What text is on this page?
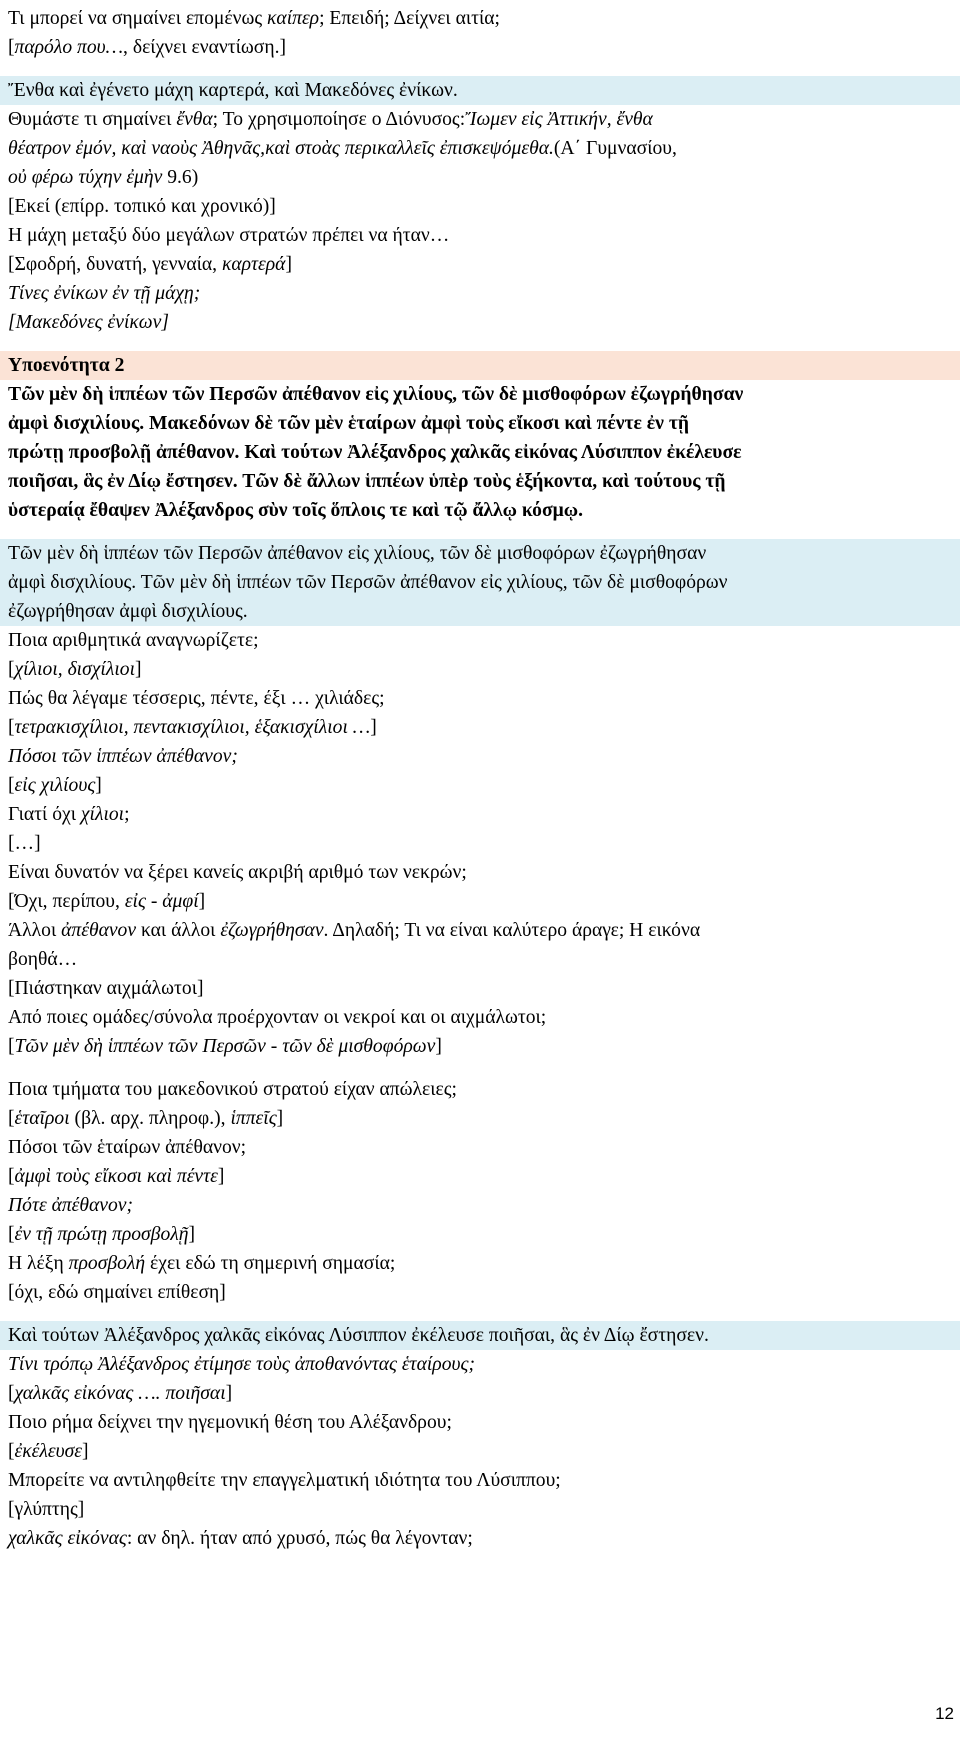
Τι μπορεί να σημαίνει επομένως καίπερ; Επειδή; Δείχνει αιτία;
[παρόλο που…, δείχνει εναντίωση.]
Ἔνθα καὶ ἐγένετο μάχη καρτερά, καὶ Μακεδόνες ἐνίκων.
Θυμάστε τι σημαίνει ἔνθα; Το χρησιμοποίησε ο Διόνυσος:Ἴωμεν εἰς Ἀττικήν, ἔνθα
θέατρον ἐμόν, καὶ ναοὺς Ἀθηνᾶς,καὶ στοὰς περικαλλεῖς ἐπισκεψόμεθα.(Α΄ Γυμνασίου,
οὐ φέρω τύχην ἐμὴν 9.6)
[Εκεί (επίρρ. τοπικό και χρονικό)]
Η μάχη μεταξύ δύο μεγάλων στρατών πρέπει να ήταν…
[Σφοδρή, δυνατή, γενναία, καρτερά]
Τίνες ἐνίκων ἐν τῇ μάχῃ;
[Μακεδόνες ἐνίκων]
Υποενότητα 2
Τῶν μὲν δὴ ἱππέων τῶν Περσῶν ἀπέθανον εἰς χιλίους, τῶν δὲ μισθοφόρων ἐζωγρήθησαν
ἀμφὶ δισχιλίους. Μακεδόνων δὲ τῶν μὲν ἑταίρων ἀμφὶ τοὺς εἴκοσι καὶ πέντε ἐν τῇ
πρώτῃ προσβολῇ ἀπέθανον. Καὶ τούτων Ἀλέξανδρος χαλκᾶς εἰκόνας Λύσιππον ἐκέλευσε
ποιῆσαι, ἃς ἐν Δίῳ ἔστησεν. Τῶν δὲ ἄλλων ἱππέων ὑπὲρ τοὺς ἑξήκοντα, καὶ τούτους τῇ
ὑστεραίᾳ ἔθαψεν Ἀλέξανδρος σὺν τοῖς ὅπλοις τε καὶ τῷ ἄλλῳ κόσμῳ.
Τῶν μὲν δὴ ἱππέων τῶν Περσῶν ἀπέθανον εἰς χιλίους, τῶν δὲ μισθοφόρων ἐζωγρήθησαν
ἀμφὶ δισχιλίους. Τῶν μὲν δὴ ἱππέων τῶν Περσῶν ἀπέθανον εἰς χιλίους, τῶν δὲ μισθοφόρων
ἐζωγρήθησαν ἀμφὶ δισχιλίους.
Ποια αριθμητικά αναγνωρίζετε;
[χίλιοι, δισχίλιοι]
Πώς θα λέγαμε τέσσερις, πέντε, έξι … χιλιάδες;
[τετρακισχίλιοι, πεντακισχίλιοι, ἑξακισχίλιοι …]
Πόσοι τῶν ἱππέων ἀπέθανον;
[εἰς χιλίους]
Γιατί όχι χίλιοι;
[…]
Είναι δυνατόν να ξέρει κανείς ακριβή αριθμό των νεκρών;
[Όχι, περίπου, εἰς - ἀμφί]
Άλλοι ἀπέθανον και άλλοι ἐζωγρήθησαν. Δηλαδή; Τι να είναι καλύτερο άραγε; Η εικόνα
βοηθά…
[Πιάστηκαν αιχμάλωτοι]
Από ποιες ομάδες/σύνολα προέρχονταν οι νεκροί και οι αιχμάλωτοι;
[Τῶν μὲν δὴ ἱππέων τῶν Περσῶν - τῶν δὲ μισθοφόρων]
Ποια τμήματα του μακεδονικού στρατού είχαν απώλειες;
[ἑταῖροι (βλ. αρχ. πληροφ.), ἱππεῖς]
Πόσοι τῶν ἑταίρων ἀπέθανον;
[ἀμφὶ τοὺς εἴκοσι καὶ πέντε]
Πότε ἀπέθανον;
[ἐν τῇ πρώτῃ προσβολῇ]
Η λέξη προσβολή έχει εδώ τη σημερινή σημασία;
[όχι, εδώ σημαίνει επίθεση]
Καὶ τούτων Ἀλέξανδρος χαλκᾶς εἰκόνας Λύσιππον ἐκέλευσε ποιῆσαι, ἃς ἐν Δίῳ ἔστησεν.
Τίνι τρόπῳ Ἀλέξανδρος ἐτίμησε τοὺς ἀποθανόντας ἑταίρους;
[χαλκᾶς εἰκόνας …. ποιῆσαι]
Ποιο ρήμα δείχνει την ηγεμονική θέση του Αλέξανδρου;
[ἐκέλευσε]
Μπορείτε να αντιληφθείτε την επαγγελματική ιδιότητα του Λύσιππου;
[γλύπτης]
χαλκᾶς εἰκόνας: αν δηλ. ήταν από χρυσό, πώς θα λέγονταν;
12
